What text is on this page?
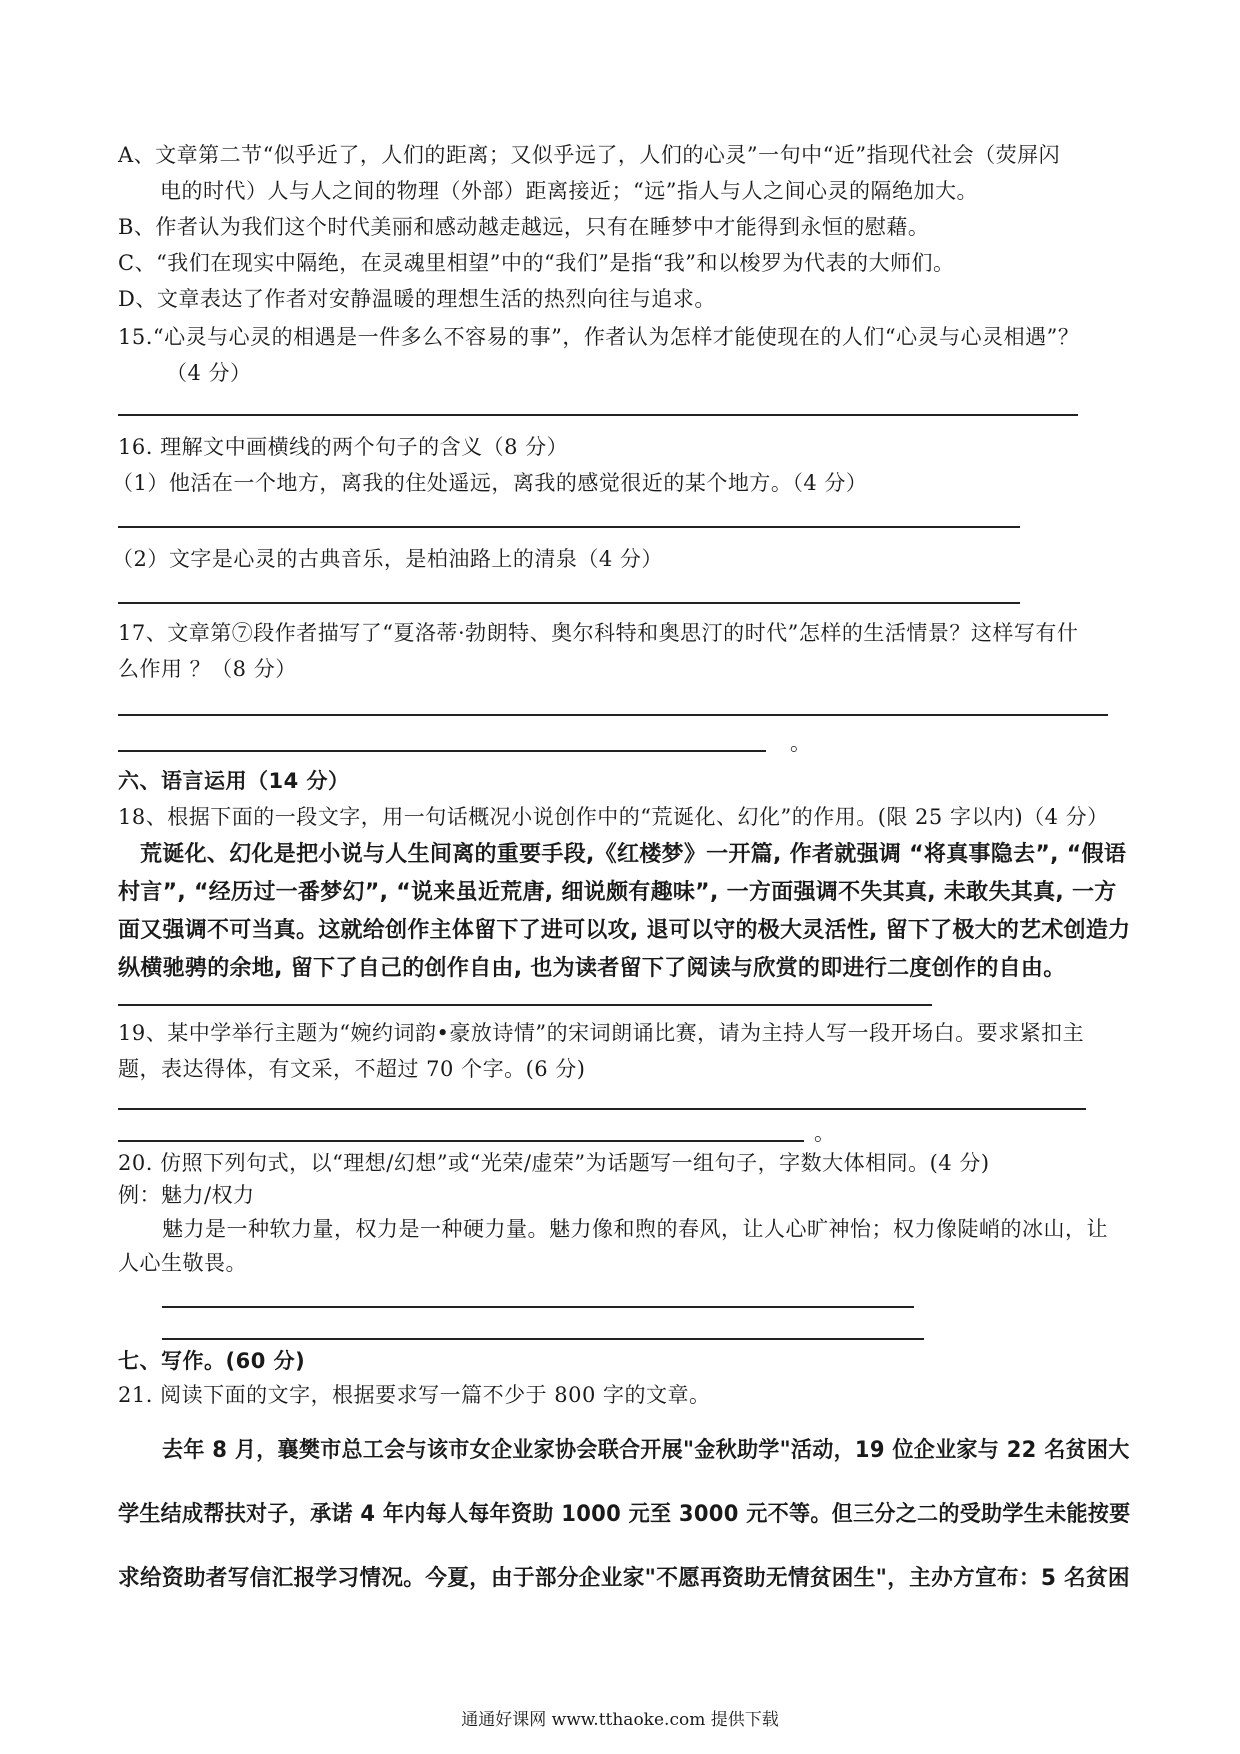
A、文章第二节“似乎近了，人们的距离；又似乎远了，人们的心灵”一句中“近”指现代社会（荧屏闪
电的时代）人与人之间的物理（外部）距离接近；“远”指人与人之间心灵的隔绝加大。
B、作者认为我们这个时代美丽和感动越走越远，只有在睡梦中才能得到永恒的慰藉。
C、“我们在现实中隔绝，在灵魂里相望”中的“我们”是指“我”和以梭罗为代表的大师们。
D、文章表达了作者对安静温暖的理想生活的热烈向往与追求。
15.“心灵与心灵的相遇是一件多么不容易的事”，作者认为怎样才能使现在的人们“心灵与心灵相遇”？
（4 分）
16. 理解文中画横线的两个句子的含义（8 分）
（1）他活在一个地方，离我的住处遥远，离我的感觉很近的某个地方。（4 分）
（2）文字是心灵的古典音乐，是柏油路上的清泉（4 分）
17、文章第⑦段作者描写了“夏洛蒂·勃朗特、奥尔科特和奥思汀的时代”怎样的生活情景？这样写有什
么作用 ？（8 分）
。
六、语言运用（14 分）
18、根据下面的一段文字，用一句话概况小说创作中的“荒诞化、幻化”的作用。(限 25 字以内)（4 分）
荒诞化、幻化是把小说与人生间离的重要手段,《红楼梦》一开篇, 作者就强调 “将真事隐去”, “假语
村言”, “经历过一番梦幻”, “说来虽近荒唐, 细说颇有趣味”, 一方面强调不失其真, 未敢失其真, 一方
面又强调不可当真。这就给创作主体留下了进可以攻, 退可以守的极大灵活性, 留下了极大的艺术创造力
纵横驰骋的余地, 留下了自己的创作自由, 也为读者留下了阅读与欣赏的即进行二度创作的自由。
19、某中学举行主题为“婉约词韵•豪放诗情”的宋词朗诵比赛，请为主持人写一段开场白。要求紧扣主
题，表达得体，有文采，不超过 70 个字。(6 分)
。
20. 仿照下列句式，以“理想/幻想”或“光荣/虚荣”为话题写一组句子，字数大体相同。(4 分)
例：魅力/权力
魅力是一种软力量，权力是一种硬力量。魅力像和煦的春风，让人心旷神怡；权力像陡峭的冰山，让
人心生敬畏。
七、写作。(60 分)
21. 阅读下面的文字，根据要求写一篇不少于 800 字的文章。
去年 8 月，襄樊市总工会与该市女企业家协会联合开展"金秋助学"活动，19 位企业家与 22 名贫困大
学生结成帮扶对子，承诺 4 年内每人每年资助 1000 元至 3000 元不等。但三分之二的受助学生未能按要
求给资助者写信汇报学习情况。今夏，由于部分企业家"不愿再资助无情贫困生"，主办方宣布：5 名贫困
通通好课网 www.tthaoke.com 提供下载
